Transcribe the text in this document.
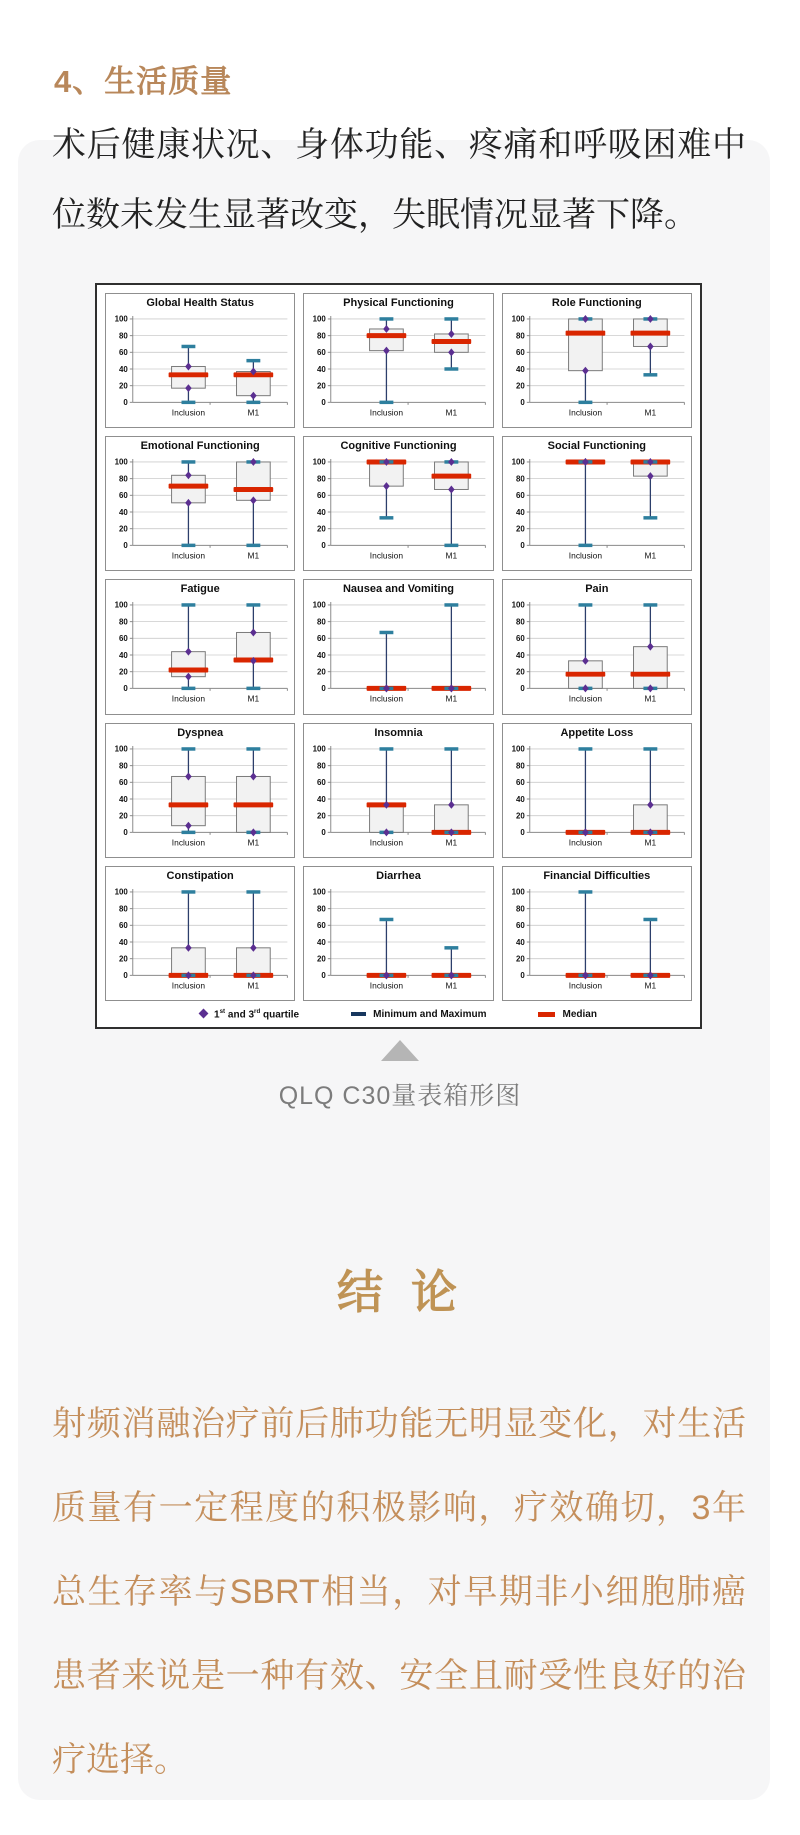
4、生活质量

术后健康状况、身体功能、疼痛和呼吸困难中位数未发生显著改变，失眠情况显著下降。

Global Health Status
0
20
40
60
80
100
Inclusion	M1
Physical Functioning
0
20
40
60
80
100
Inclusion	M1
Role Functioning
0
20
40
60
80
100
Inclusion	M1
Emotional Functioning
0
20
40
60
80
100
Inclusion	M1
Cognitive Functioning
0
20
40
60
80
100
Inclusion	M1
Social Functioning
0
20
40
60
80
100
Inclusion	M1
Fatigue
0
20
40
60
80
100
Inclusion	M1
Nausea and Vomiting
0
20
40
60
80
100
Inclusion	M1
Pain
0
20
40
60
80
100
Inclusion	M1
Dyspnea
0
20
40
60
80
100
Inclusion	M1
Insomnia
0
20
40
60
80
100
Inclusion	M1
Appetite Loss
0
20
40
60
80
100
Inclusion	M1
Constipation
0
20
40
60
80
100
Inclusion	M1
Diarrhea
0
20
40
60
80
100
Inclusion	M1
Financial Difficulties
0
20
40
60
80
100
Inclusion	M1
1st and 3rd quartile	Minimum and Maximum	Median
QLQ C30量表箱形图
结 论

射频消融治疗前后肺功能无明显变化，对生活质量有一定程度的积极影响，疗效确切，3年总生存率与SBRT相当，对早期非小细胞肺癌患者来说是一种有效、安全且耐受性良好的治疗选择。
